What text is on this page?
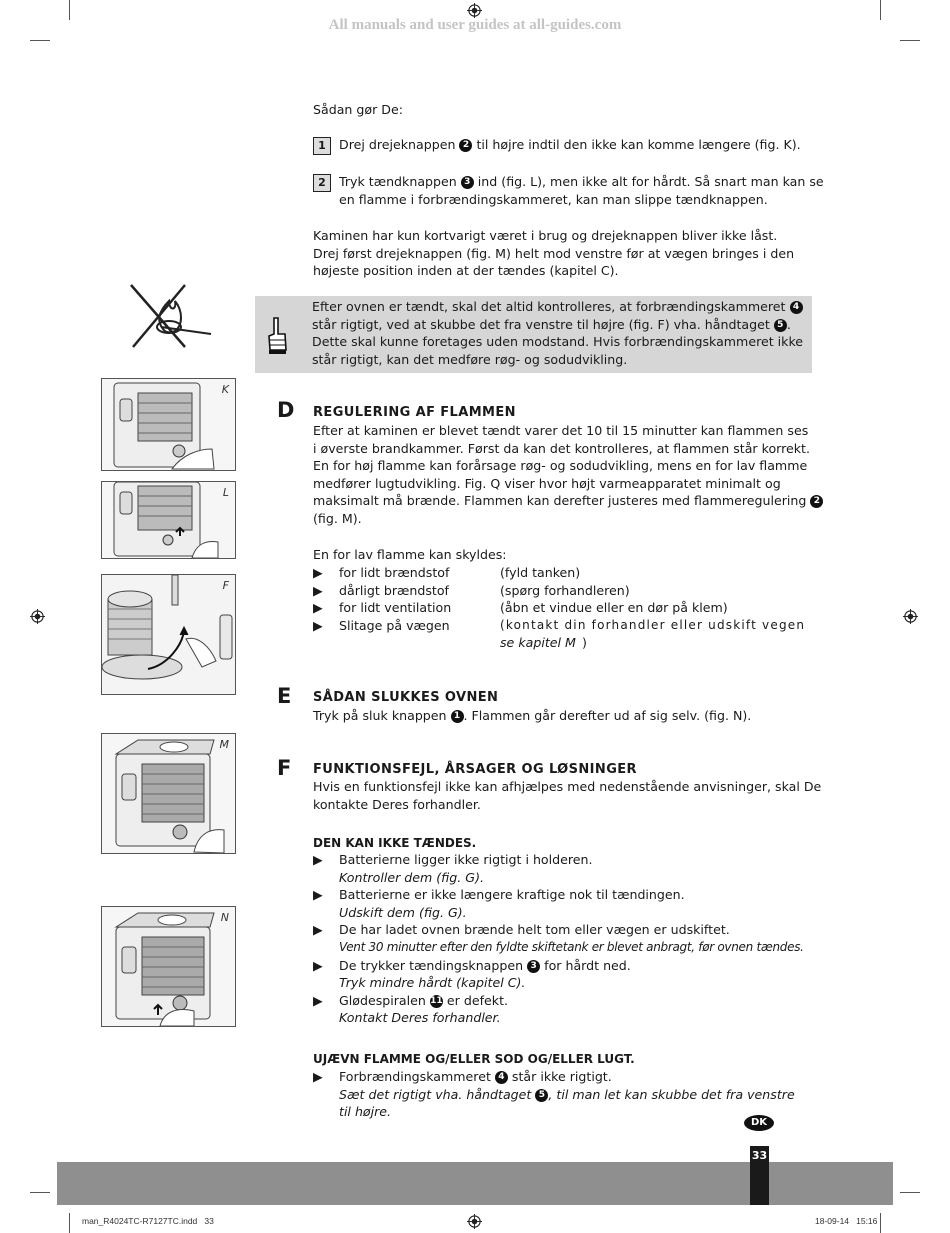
All manuals and user guides at all-guides.com
Sådan gør De:
1 Drej drejeknappen 2 til højre indtil den ikke kan komme længere (fig. K).
2 Tryk tændknappen 3 ind (fig. L), men ikke alt for hårdt. Så snart man kan se
en flamme i forbrændingskammeret, kan man slippe tændknappen.
Kaminen har kun kortvarigt været i brug og drejeknappen bliver ikke låst.
Drej først drejeknappen (fig. M) helt mod venstre før at vægen bringes i den
højeste position inden at der tændes (kapitel C).
Efter ovnen er tændt, skal det altid kontrolleres, at forbrændingskammeret 4
står rigtigt, ved at skubbe det fra venstre til højre (fig. F) vha. håndtaget 5 .
Dette skal kunne foretages uden modstand. Hvis forbrændingskammeret ikke
står rigtigt, kan det medføre røg- og sodudvikling.
D REGULERING AF FLAMMEN
Efter at kaminen er blevet tændt varer det 10 til 15 minutter kan flammen ses
i øverste brandkammer. Først da kan det kontrolleres, at flammen står korrekt.
En for høj flamme kan forårsage røg- og sodudvikling, mens en for lav flamme
medfører lugtudvikling. Fig. Q viser hvor højt varmeapparatet minimalt og
maksimalt må brænde. Flammen kan derefter justeres med flammeregulering 2
(fig. M).
En for lav flamme kan skyldes:
▶ for lidt brændstof	(fyld tanken)
▶ dårligt brændstof	(spørg forhandleren)
▶ for lidt ventilation	(åbn et vindue eller en dør på klem)
▶ Slitage på vægen	(kontakt din forhandler eller udskift vegen
se kapitel M )
E SÅDAN SLUKKES OVNEN
Tryk på sluk knappen 1 . Flammen går derefter ud af sig selv. (fig. N).
F FUNKTIONSFEJL, ÅRSAGER OG LØSNINGER
Hvis en funktionsfejl ikke kan afhjælpes med nedenstående anvisninger, skal De
kontakte Deres forhandler.
DEN KAN IKKE TÆNDES.
▶ Batterierne ligger ikke rigtigt i holderen.
Kontroller dem (fig. G).
▶ Batterierne er ikke længere kraftige nok til tændingen.
Udskift dem (fig. G).
▶ De har ladet ovnen brænde helt tom eller vægen er udskiftet.
Vent 30 minutter efter den fyldte skiftetank er blevet anbragt, før ovnen tændes.
▶ De trykker tændingsknappen 3 for hårdt ned.
Tryk mindre hårdt (kapitel C).
▶ Glødespiralen 11 er defekt.
Kontakt Deres forhandler.
UJÆVN FLAMME OG/ELLER SOD OG/ELLER LUGT.
▶ Forbrændingskammeret 4 står ikke rigtigt.
Sæt det rigtigt vha. håndtaget 5 , til man let kan skubbe det fra venstre
til højre.
K
L
F
M
N
DK
33
man_R4024TC-R7127TC.indd   33	18-09-14   15:16
